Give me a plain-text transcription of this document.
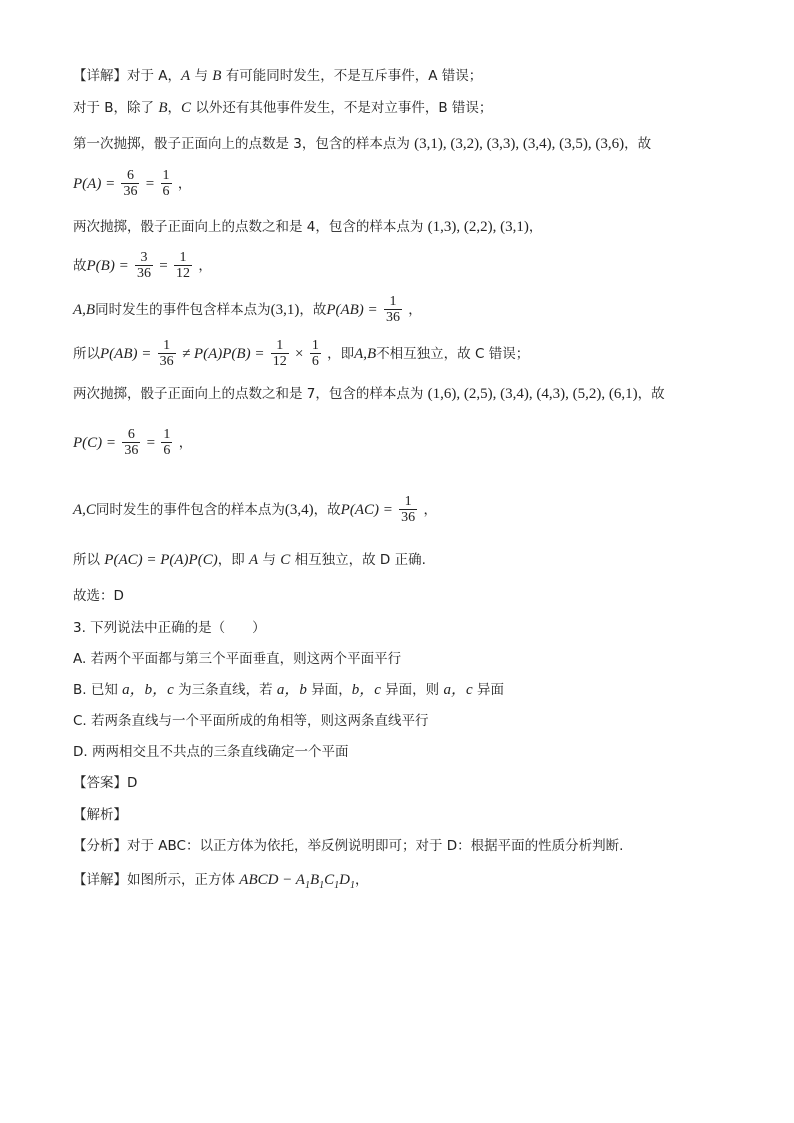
【详解】对于 A，A 与 B 有可能同时发生，不是互斥事件，A 错误；
对于 B，除了 B，C 以外还有其他事件发生，不是对立事件，B 错误；
第一次抛掷，骰子正面向上的点数是 3，包含的样本点为 (3,1), (3,2), (3,3), (3,4), (3,5), (3,6)，故
$P(A) = \frac{6}{36} = \frac{1}{6}$ ，
两次抛掷，骰子正面向上的点数之和是 4，包含的样本点为 (1,3), (2,2), (3,1)，
故$P(B) = \frac{3}{36} = \frac{1}{12}$ ，
A,B同时发生的事件包含样本点为(3,1)，故$P(AB) = \frac{1}{36}$ ，
所以$P(AB) = \frac{1}{36} \ne P(A)P(B) = \frac{1}{12} \times \frac{1}{6}$ ，即A,B不相互独立，故 C 错误；
两次抛掷，骰子正面向上的点数之和是 7，包含的样本点为 (1,6), (2,5), (3,4), (4,3), (5,2), (6,1)，故
$P(C) = \frac{6}{36} = \frac{1}{6}$ ，
A,C同时发生的事件包含的样本点为(3,4)，故$P(AC) = \frac{1}{36}$ ，
所以 P(AC) = P(A)P(C)，即 A 与 C 相互独立，故 D 正确.
故选：D
3. 下列说法中正确的是（　　）
A. 若两个平面都与第三个平面垂直，则这两个平面平行
B. 已知 a，b，c 为三条直线，若 a，b 异面，b，c 异面，则 a，c 异面
C. 若两条直线与一个平面所成的角相等，则这两条直线平行
D. 两两相交且不共点的三条直线确定一个平面
【答案】D
【解析】
【分析】对于 ABC：以正方体为依托，举反例说明即可；对于 D：根据平面的性质分析判断.
【详解】如图所示，正方体 ABCD − $A_1B_1C_1D_1$，
